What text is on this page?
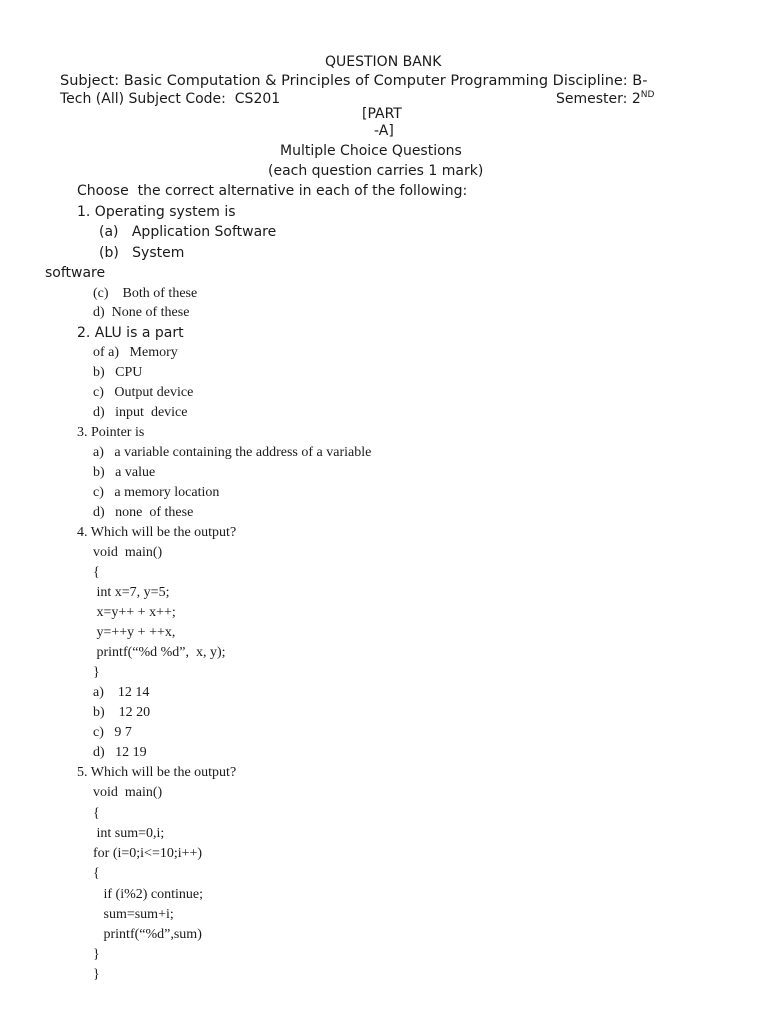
QUESTION BANK
Subject: Basic Computation & Principles of Computer Programming Discipline: B-
Tech (All) Subject Code:  CS201	Semester: 2ND
[PART
-A]
Multiple Choice Questions
(each question carries 1 mark)
Choose  the correct alternative in each of the following:
1. Operating system is
(a)   Application Software
(b)   System
software
(c)    Both of these
d)  None of these
2. ALU is a part
of a)   Memory
b)   CPU
c)   Output device
d)   input  device
3. Pointer is
a)   a variable containing the address of a variable
b)   a value
c)   a memory location
d)   none  of these
4. Which will be the output?
void  main()
{
int x=7, y=5;
x=y++ + x++;
y=++y + ++x,
printf(“%d %d”,  x, y);
}
a)    12 14
b)    12 20
c)   9 7
d)   12 19
5. Which will be the output?
void  main()
{
int sum=0,i;
for (i=0;i<=10;i++)
{
if (i%2) continue;
sum=sum+i;
printf(“%d”,sum)
}
}
